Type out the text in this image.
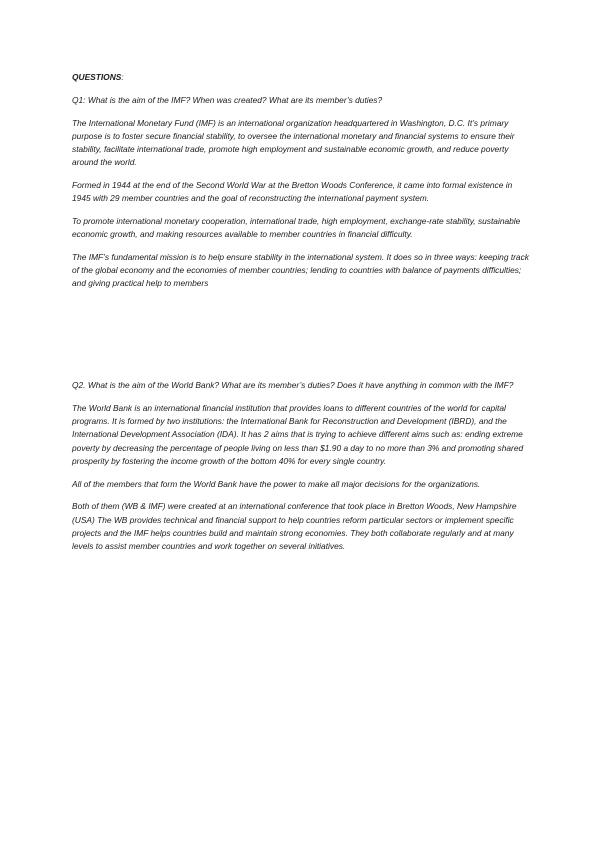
QUESTIONS:

Q1: What is the aim of the IMF? When was created? What are its member’s duties?

The International Monetary Fund (IMF) is an international organization headquartered in Washington, D.C. It’s primary purpose is to foster secure financial stability, to oversee the international monetary and financial systems to ensure their stability, facilitate international trade, promote high employment and sustainable economic growth, and reduce poverty around the world.

Formed in 1944 at the end of the Second World War at the Bretton Woods Conference, it came into formal existence in 1945 with 29 member countries and the goal of reconstructing the international payment system.

To promote international monetary cooperation, international trade, high employment, exchange-rate stability, sustainable economic growth, and making resources available to member countries in financial difficulty.

The IMF’s fundamental mission is to help ensure stability in the international system. It does so in three ways: keeping track of the global economy and the economies of member countries; lending to countries with balance of payments difficulties; and giving practical help to members

Q2. What is the aim of the World Bank? What are its member’s duties? Does it have anything in common with the IMF?

The World Bank is an international financial institution that provides loans to different countries of the world for capital programs. It is formed by two institutions: the International Bank for Reconstruction and Development (IBRD), and the International Development Association (IDA). It has 2 aims that is trying to achieve different aims such as: ending extreme poverty by decreasing the percentage of people living on less than $1.90 a day to no more than 3% and promoting shared prosperity by fostering the income growth of the bottom 40% for every single country.

All of the members that form the World Bank have the power to make all major decisions for the organizations.

Both of them (WB & IMF) were created at an international conference that took place in Bretton Woods, New Hampshire (USA) The WB provides technical and financial support to help countries reform particular sectors or implement specific projects and the IMF helps countries build and maintain strong economies. They both collaborate regularly and at many levels to assist member countries and work together on several initiatives.
